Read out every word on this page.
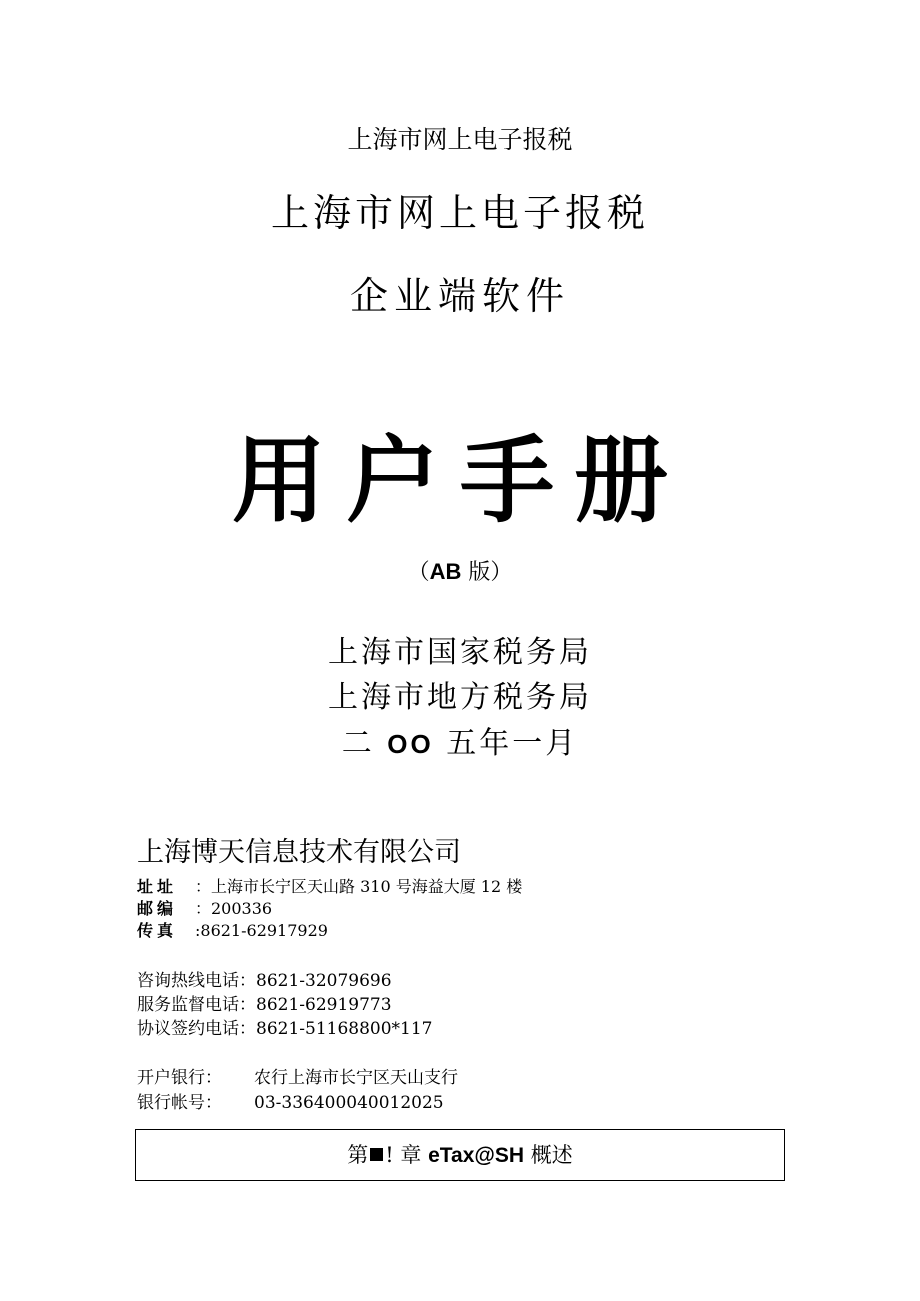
上海市网上电子报税
上海市网上电子报税
企业端软件
用户手册
（AB 版）
上海市国家税务局
上海市地方税务局
二 OO 五年一月
上海博天信息技术有限公司
址 址 ：上海市长宁区天山路 310 号海益大厦 12 楼
邮 编 ：200336
传 真 :8621-62917929
咨询热线电话：8621-32079696
服务监督电话：8621-62919773
协议签约电话：8621-51168800*117
开户银行： 农行上海市长宁区天山支行
银行帐号： 03-336400040012025
第 ! 章 eTax@SH 概述
